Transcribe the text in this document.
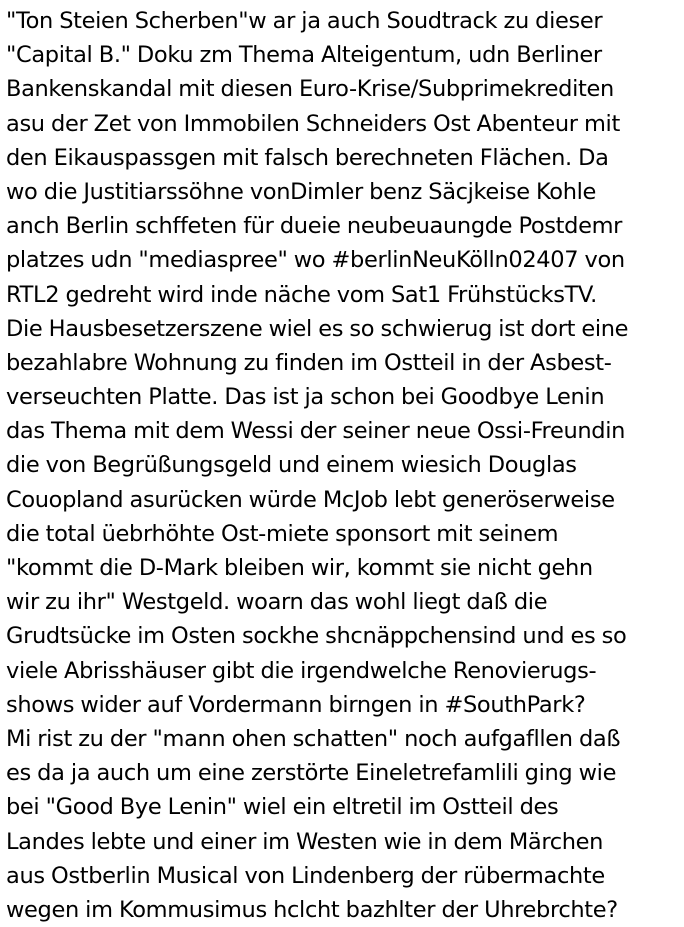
"Ton Steien Scherben"w ar ja auch Soudtrack zu dieser
"Capital B." Doku zm Thema Alteigentum, udn Berliner
Bankenskandal mit diesen Euro-Krise/Subprimekrediten
asu der Zet von Immobilen Schneiders Ost Abenteur mit
den Eikauspassgen mit falsch berechneten Flächen. Da
wo die Justitiarssöhne vonDimler benz Säcjkeise Kohle
anch Berlin schffeten für dueie neubeuaungde Postdemr
platzes udn "mediaspree" wo #berlinNeuKölln02407 von
RTL2 gedreht wird inde näche vom Sat1 FrühstücksTV.
Die Hausbesetzerszene wiel es so schwierug ist dort eine
bezahlabre Wohnung zu finden im Ostteil in der Asbest-
verseuchten Platte. Das ist ja schon bei Goodbye Lenin
das Thema mit dem Wessi der seiner neue Ossi-Freundin
die von Begrüßungsgeld und einem wiesich Douglas
Couopland asurücken würde McJob lebt generöserweise
die total üebrhöhte Ost-miete sponsort mit seinem
"kommt die D-Mark bleiben wir, kommt sie nicht gehn
wir zu ihr" Westgeld. woarn das wohl liegt daß die
Grudtsücke im Osten sockhe shcnäppchensind und es so
viele Abrisshäuser gibt die irgendwelche Renovierugs-
shows wider auf Vordermann birngen in #SouthPark?
Mi rist zu der "mann ohen schatten" noch aufgafllen daß
es da ja auch um eine zerstörte Eineletrefamlili ging wie
bei "Good Bye Lenin" wiel ein eltretil im Ostteil des
Landes lebte und einer im Westen wie in dem Märchen
aus Ostberlin Musical von Lindenberg der rübermachte
wegen im Kommusimus hclcht bazhlter der Uhrebrchte?
